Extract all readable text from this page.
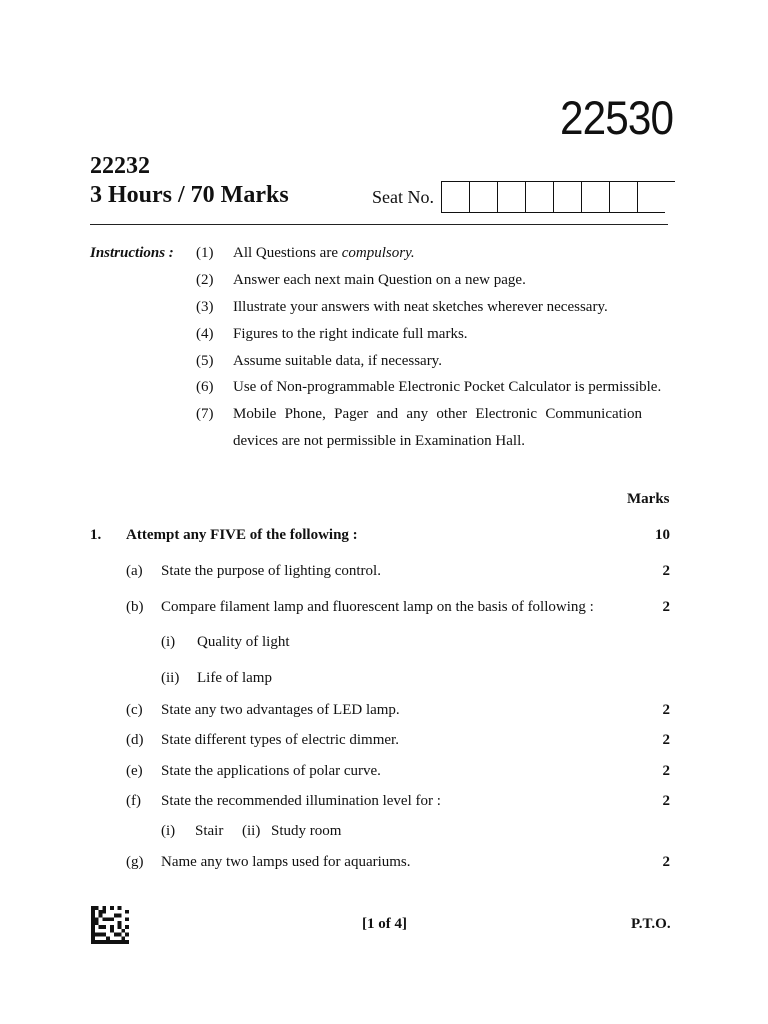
22530
22232
3 Hours / 70 Marks	Seat No.
Instructions : (1) All Questions are compulsory.
(2) Answer each next main Question on a new page.
(3) Illustrate your answers with neat sketches wherever necessary.
(4) Figures to the right indicate full marks.
(5) Assume suitable data, if necessary.
(6) Use of Non-programmable Electronic Pocket Calculator is permissible.
(7) Mobile Phone, Pager and any other Electronic Communication
devices are not permissible in Examination Hall.
Marks
1. Attempt any FIVE of the following :	10
(a) State the purpose of lighting control.	2
(b) Compare filament lamp and fluorescent lamp on the basis of following :	2
(i) Quality of light
(ii) Life of lamp
(c) State any two advantages of LED lamp.	2
(d) State different types of electric dimmer.	2
(e) State the applications of polar curve.	2
(f) State the recommended illumination level for :	2
(i) Stair (ii) Study room
(g) Name any two lamps used for aquariums.	2
[1 of 4]	P.T.O.
